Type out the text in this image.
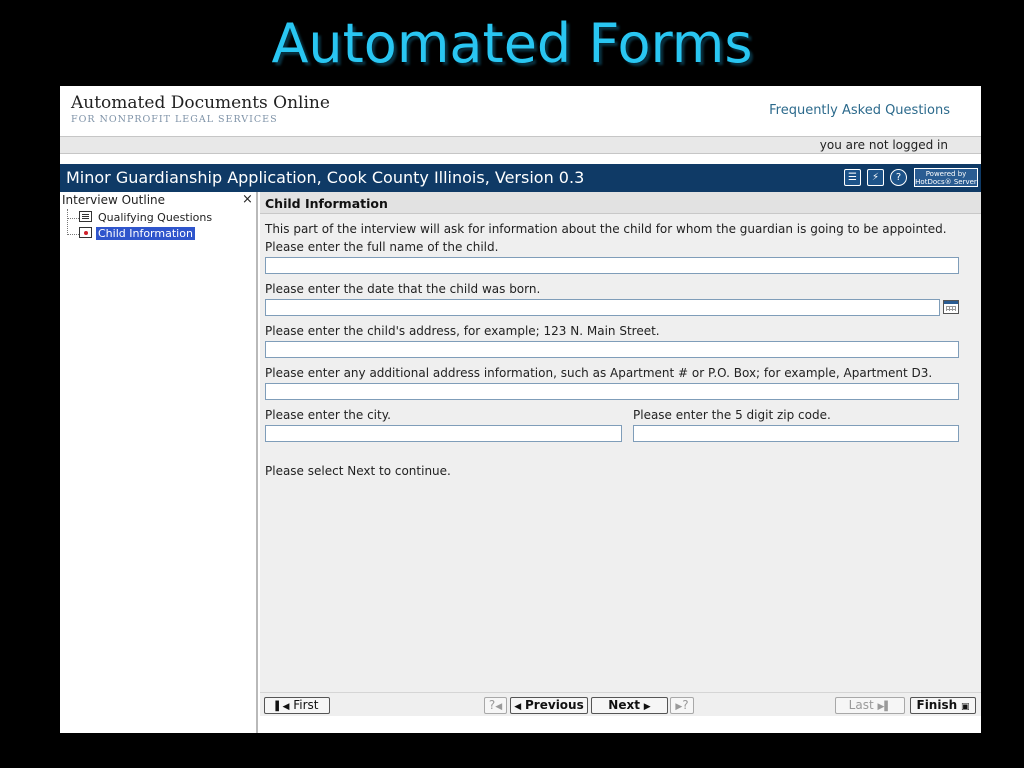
Automated Forms
Automated Documents Online
FOR NONPROFIT LEGAL SERVICES
Frequently Asked Questions
you are not logged in
Minor Guardianship Application, Cook County Illinois, Version 0.3	☰	⚡	?	Powered by
HotDocs® Server
Interview Outline	×
Qualifying Questions
Child Information
Child Information
This part of the interview will ask for information about the child for whom the guardian is going to be appointed.
Please enter the full name of the child.
Please enter the date that the child was born.
Please enter the child's address, for example; 123 N. Main Street.
Please enter any additional address information, such as Apartment # or P.O. Box; for example, Apartment D3.
Please enter the city.	Please enter the 5 digit zip code.
Please select Next to continue.
▌◀ First	?◀	◀ Previous	Next ▶	▶?	Last ▶▌	Finish ▣
